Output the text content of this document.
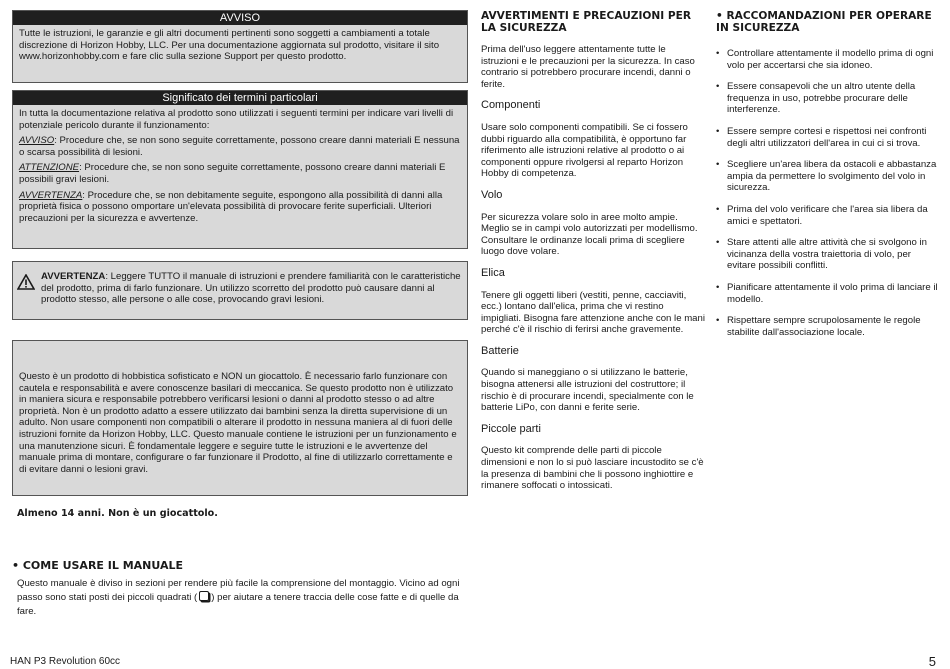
AVVISO
Tutte le istruzioni, le garanzie e gli altri documenti pertinenti sono soggetti a cambiamenti a totale discrezione di Horizon Hobby, LLC. Per una documentazione aggiornata sul prodotto, visitare il sito www.horizonhobby.com e fare clic sulla sezione Support per questo prodotto.
Significato dei termini particolari

In tutta la documentazione relativa al prodotto sono utilizzati i seguenti termini per indicare vari livelli di potenziale pericolo durante il funzionamento:

AVVISO: Procedure che, se non sono seguite correttamente, possono creare danni materiali E nessuna o scarsa possibilità di lesioni.

ATTENZIONE: Procedure che, se non sono seguite correttamente, possono creare danni materiali E possibili gravi lesioni.

AVVERTENZA: Procedure che, se non debitamente seguite, espongono alla possibilità di danni alla proprietà fisica o possono omportare un'elevata possibilità di provocare ferite superficiali. Ulteriori precauzioni per la sicurezza e avvertenze.

AVVERTENZA: Leggere TUTTO il manuale di istruzioni e prendere familiarità con le caratteristiche del prodotto, prima di farlo funzionare. Un utilizzo scorretto del prodotto può causare danni al prodotto stesso, alle persone o alle cose, provocando gravi lesioni.
Questo è un prodotto di hobbistica sofisticato e NON un giocattolo. È necessario farlo funzionare con cautela e responsabilità e avere conoscenze basilari di meccanica. Se questo prodotto non è utilizzato in maniera sicura e responsabile potrebbero verificarsi lesioni o danni al prodotto stesso o ad altre proprietà. Non è un prodotto adatto a essere utilizzato dai bambini senza la diretta supervisione di un adulto. Non usare componenti non compatibili o alterare il prodotto in nessuna maniera al di fuori delle istruzioni fornite da Horizon Hobby, LLC. Questo manuale contiene le istruzioni per un funzionamento e una manutenzione sicuri. È fondamentale leggere e seguire tutte le istruzioni e le avvertenze del manuale prima di montare, configurare o far funzionare il Prodotto, al fine di utilizzarlo correttamente e di evitare danni o lesioni gravi.
Almeno 14 anni. Non è un giocattolo.
• COME USARE IL MANUALE
Questo manuale è diviso in sezioni per rendere più facile la comprensione del montaggio. Vicino ad ogni passo sono stati posti dei piccoli quadrati ( ) per aiutare a tenere traccia delle cose fatte e di quelle da fare.
AVVERTIMENTI E PRECAUZIONI PER LA SICUREZZA

Prima dell'uso leggere attentamente tutte le istruzioni e le precauzioni per la sicurezza. In caso contrario si potrebbero procurare incendi, danni o ferite.

Componenti

Usare solo componenti compatibili. Se ci fossero dubbi riguardo alla compatibilità, è opportuno far riferimento alle istruzioni relative al prodotto o ai componenti oppure rivolgersi al reparto Horizon Hobby di competenza.

Volo

Per sicurezza volare solo in aree molto ampie. Meglio se in campi volo autorizzati per modellismo. Consultare le ordinanze locali prima di scegliere luogo dove volare.

Elica

Tenere gli oggetti liberi (vestiti, penne, cacciaviti, ecc.) lontano dall'elica, prima che vi restino impigliati. Bisogna fare attenzione anche con le mani perché c'è il rischio di ferirsi anche gravemente.

Batterie

Quando si maneggiano o si utilizzano le batterie, bisogna attenersi alle istruzioni del costruttore; il rischio è di procurare incendi, specialmente con le batterie LiPo, con danni e ferite serie.

Piccole parti

Questo kit comprende delle parti di piccole dimensioni e non lo si può lasciare incustodito se c'è la presenza di bambini che li possono inghiottire e rimanere soffocati o intossicati.

• RACCOMANDAZIONI PER OPERARE IN SICUREZZA
• Controllare attentamente il modello prima di ogni volo per accertarsi che sia idoneo.
• Essere consapevoli che un altro utente della frequenza in uso, potrebbe procurare delle interferenze.
• Essere sempre cortesi e rispettosi nei confronti degli altri utilizzatori dell'area in cui ci si trova.
• Scegliere un'area libera da ostacoli e abbastanza ampia da permettere lo svolgimento del volo in sicurezza.
• Prima del volo verificare che l'area sia libera da amici e spettatori.
• Stare attenti alle altre attività che si svolgono in vicinanza della vostra traiettoria di volo, per evitare possibili conflitti.
• Pianificare attentamente il volo prima di lanciare il modello.
• Rispettare sempre scrupolosamente le regole stabilite dall'associazione locale.
HAN P3 Revolution 60cc	5
